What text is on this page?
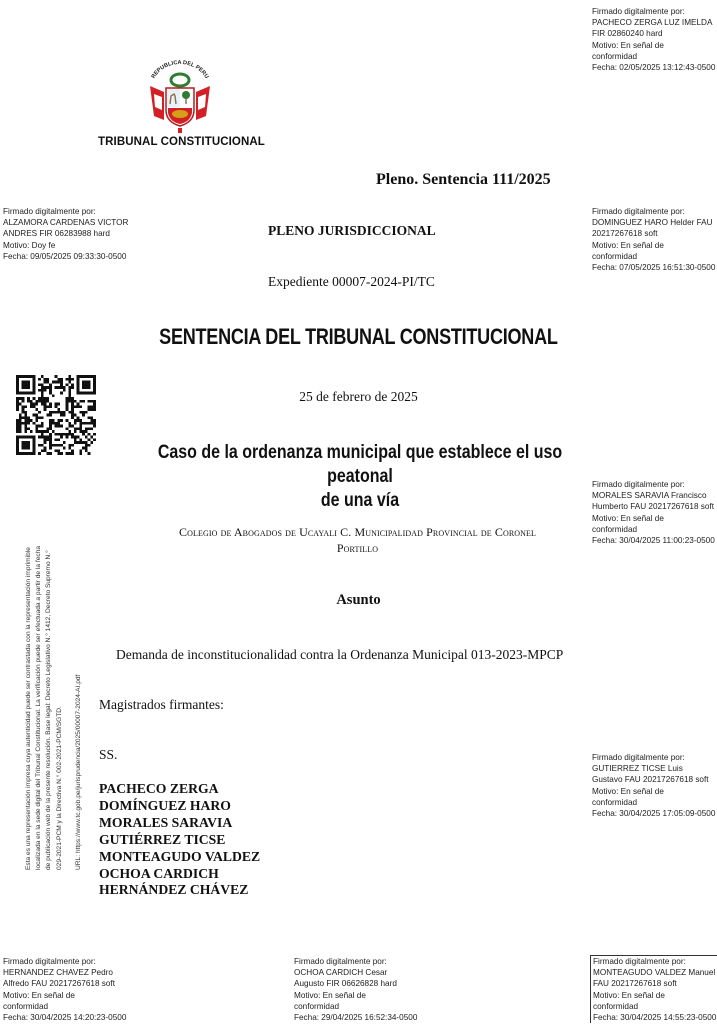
Firmado digitalmente por:
PACHECO ZERGA LUZ IMELDA
FIR 02860240 hard
Motivo: En señal de
conformidad
Fecha: 02/05/2025 13:12:43-0500
Firmado digitalmente por:
ALZAMORA CARDENAS VICTOR
ANDRES FIR 06283988 hard
Motivo: Doy fe
Fecha: 09/05/2025 09:33:30-0500
Firmado digitalmente por:
DOMINGUEZ HARO Helder FAU
20217267618 soft
Motivo: En señal de
conformidad
Fecha: 07/05/2025 16:51:30-0500
Firmado digitalmente por:
MORALES SARAVIA Francisco
Humberto FAU 20217267618 soft
Motivo: En señal de
conformidad
Fecha: 30/04/2025 11:00:23-0500
Firmado digitalmente por:
GUTIERREZ TICSE Luis
Gustavo FAU 20217267618 soft
Motivo: En señal de
conformidad
Fecha: 30/04/2025 17:05:09-0500
Firmado digitalmente por:
HERNANDEZ CHAVEZ Pedro
Alfredo FAU 20217267618 soft
Motivo: En señal de
conformidad
Fecha: 30/04/2025 14:20:23-0500
Firmado digitalmente por:
OCHOA CARDICH Cesar
Augusto FIR 06626828 hard
Motivo: En señal de
conformidad
Fecha: 29/04/2025 16:52:34-0500
Firmado digitalmente por:
MONTEAGUDO VALDEZ Manuel
FAU 20217267618 soft
Motivo: En señal de
conformidad
Fecha: 30/04/2025 14:55:23-0500
REPUBLICA DEL PERU
TRIBUNAL CONSTITUCIONAL
Pleno. Sentencia 111/2025
PLENO JURISDICCIONAL
Expediente 00007-2024-PI/TC
SENTENCIA DEL TRIBUNAL CONSTITUCIONAL
25 de febrero de 2025
Caso de la ordenanza municipal que establece el uso peatonal
de una vía
Colegio de Abogados de Ucayali C. Municipalidad Provincial de Coronel
Portillo
Asunto
Demanda de inconstitucionalidad contra la Ordenanza Municipal 013-2023-MPCP
Magistrados firmantes:
SS.
PACHECO ZERGA
DOMÍNGUEZ HARO
MORALES SARAVIA
GUTIÉRREZ TICSE
MONTEAGUDO VALDEZ
OCHOA CARDICH
HERNÁNDEZ CHÁVEZ
Esta es una representación impresa cuya autenticidad puede ser contrastada con la representación imprimible localizada en la sede digital del Tribunal Constitucional. La verificación puede ser efectuada a partir de la fecha de publicación web de la presente resolución. Base legal: Decreto Legislativo N.° 1412, Decreto Supremo N.° 029-2021-PCM y la Directiva N.° 002-2021-PCM/SGTD.	URL: https://www.tc.gob.pe/jurisprudencia/2025/00007-2024-AI.pdf
